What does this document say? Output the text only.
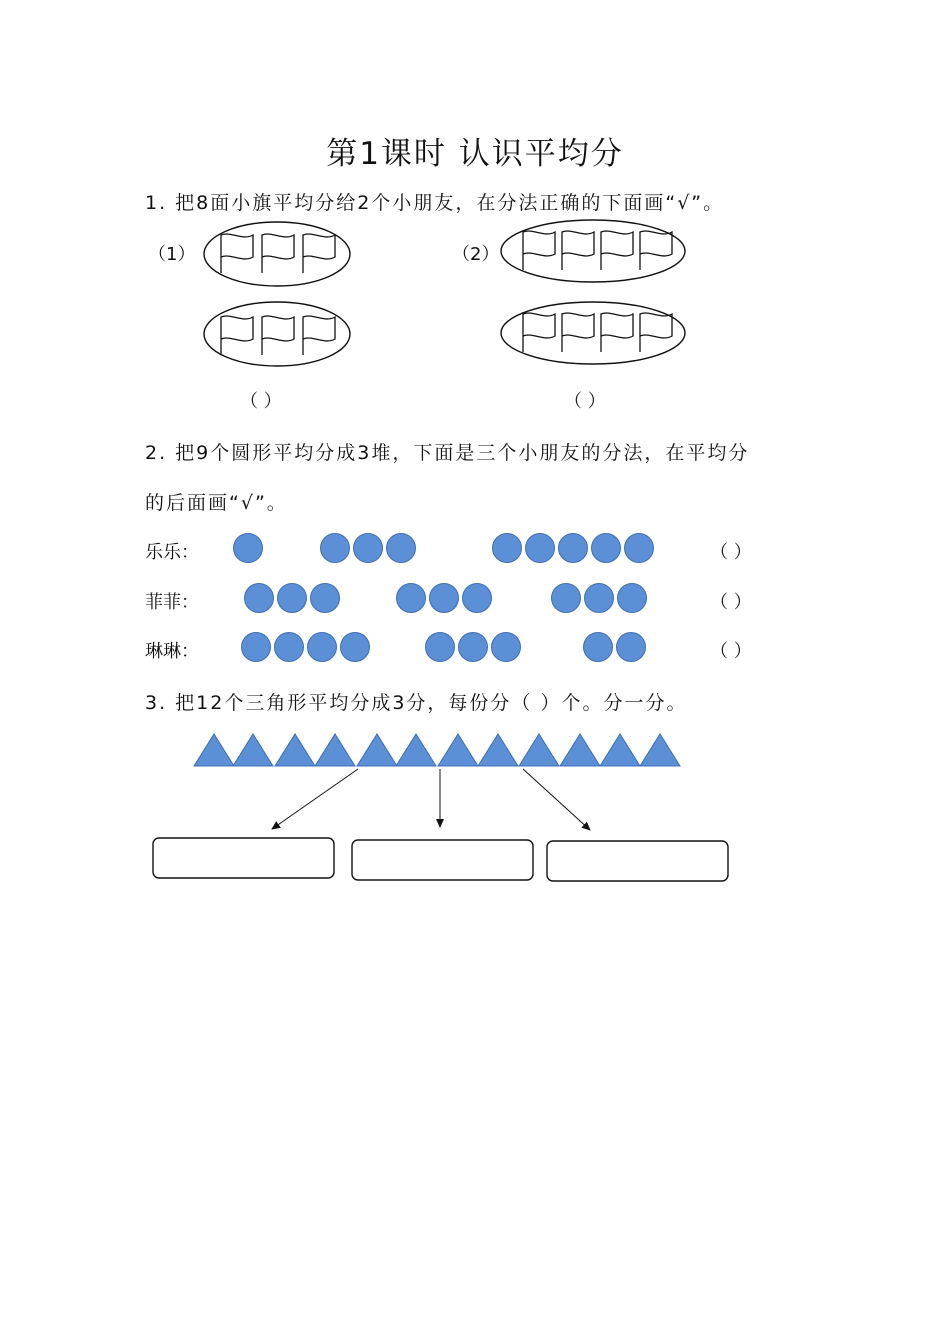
第1课时 认识平均分
1. 把8面小旗平均分给2个小朋友，在分法正确的下面画“√”。
（1）	（2）
（ ）	（ ）
2. 把9个圆形平均分成3堆，下面是三个小朋友的分法，在平均分
的后面画“√”。
乐乐：
菲菲：
琳琳：
（ ）
（ ）
（ ）
3. 把12个三角形平均分成3分，每份分（ ）个。分一分。
